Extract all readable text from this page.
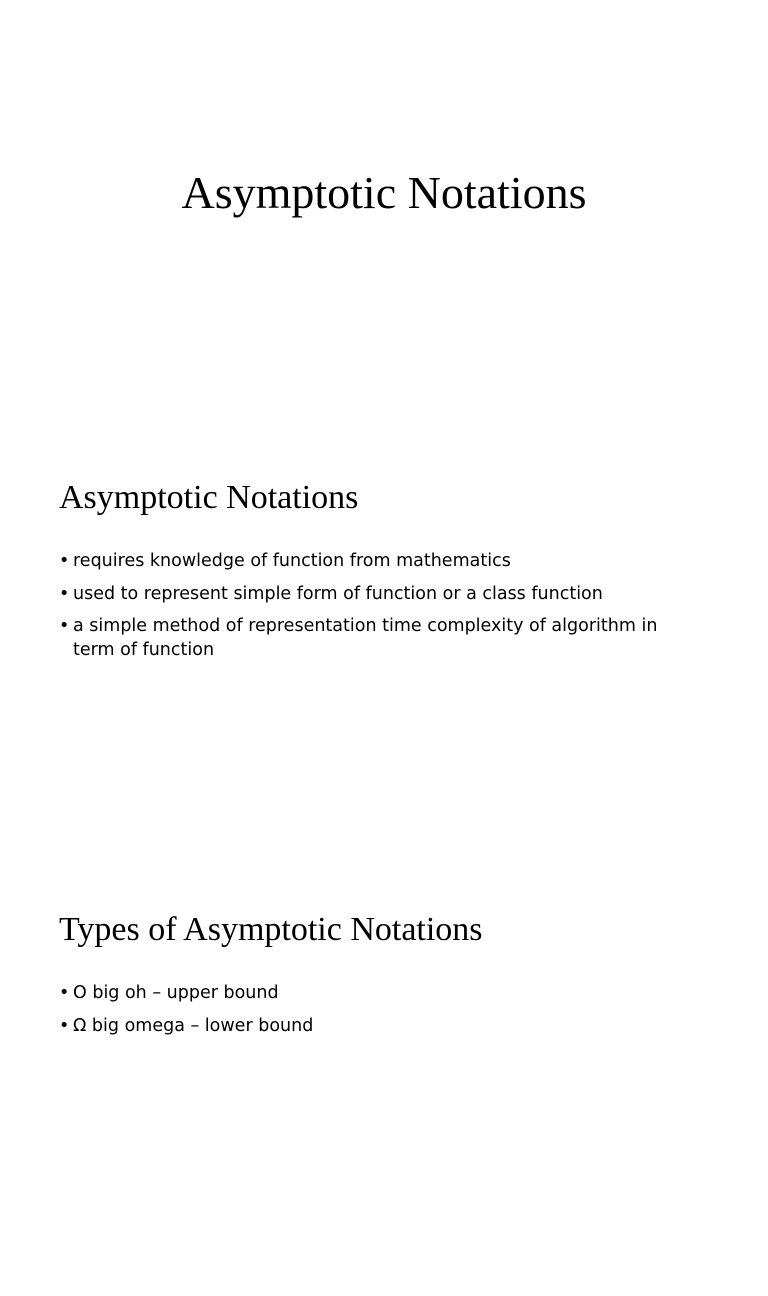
Asymptotic Notations
Asymptotic Notations
• requires knowledge of function from mathematics
• used to represent simple form of function or a class function
• a simple method of representation time complexity of algorithm in term of function
Types of Asymptotic Notations
• O big oh – upper bound
• Ω big omega – lower bound
